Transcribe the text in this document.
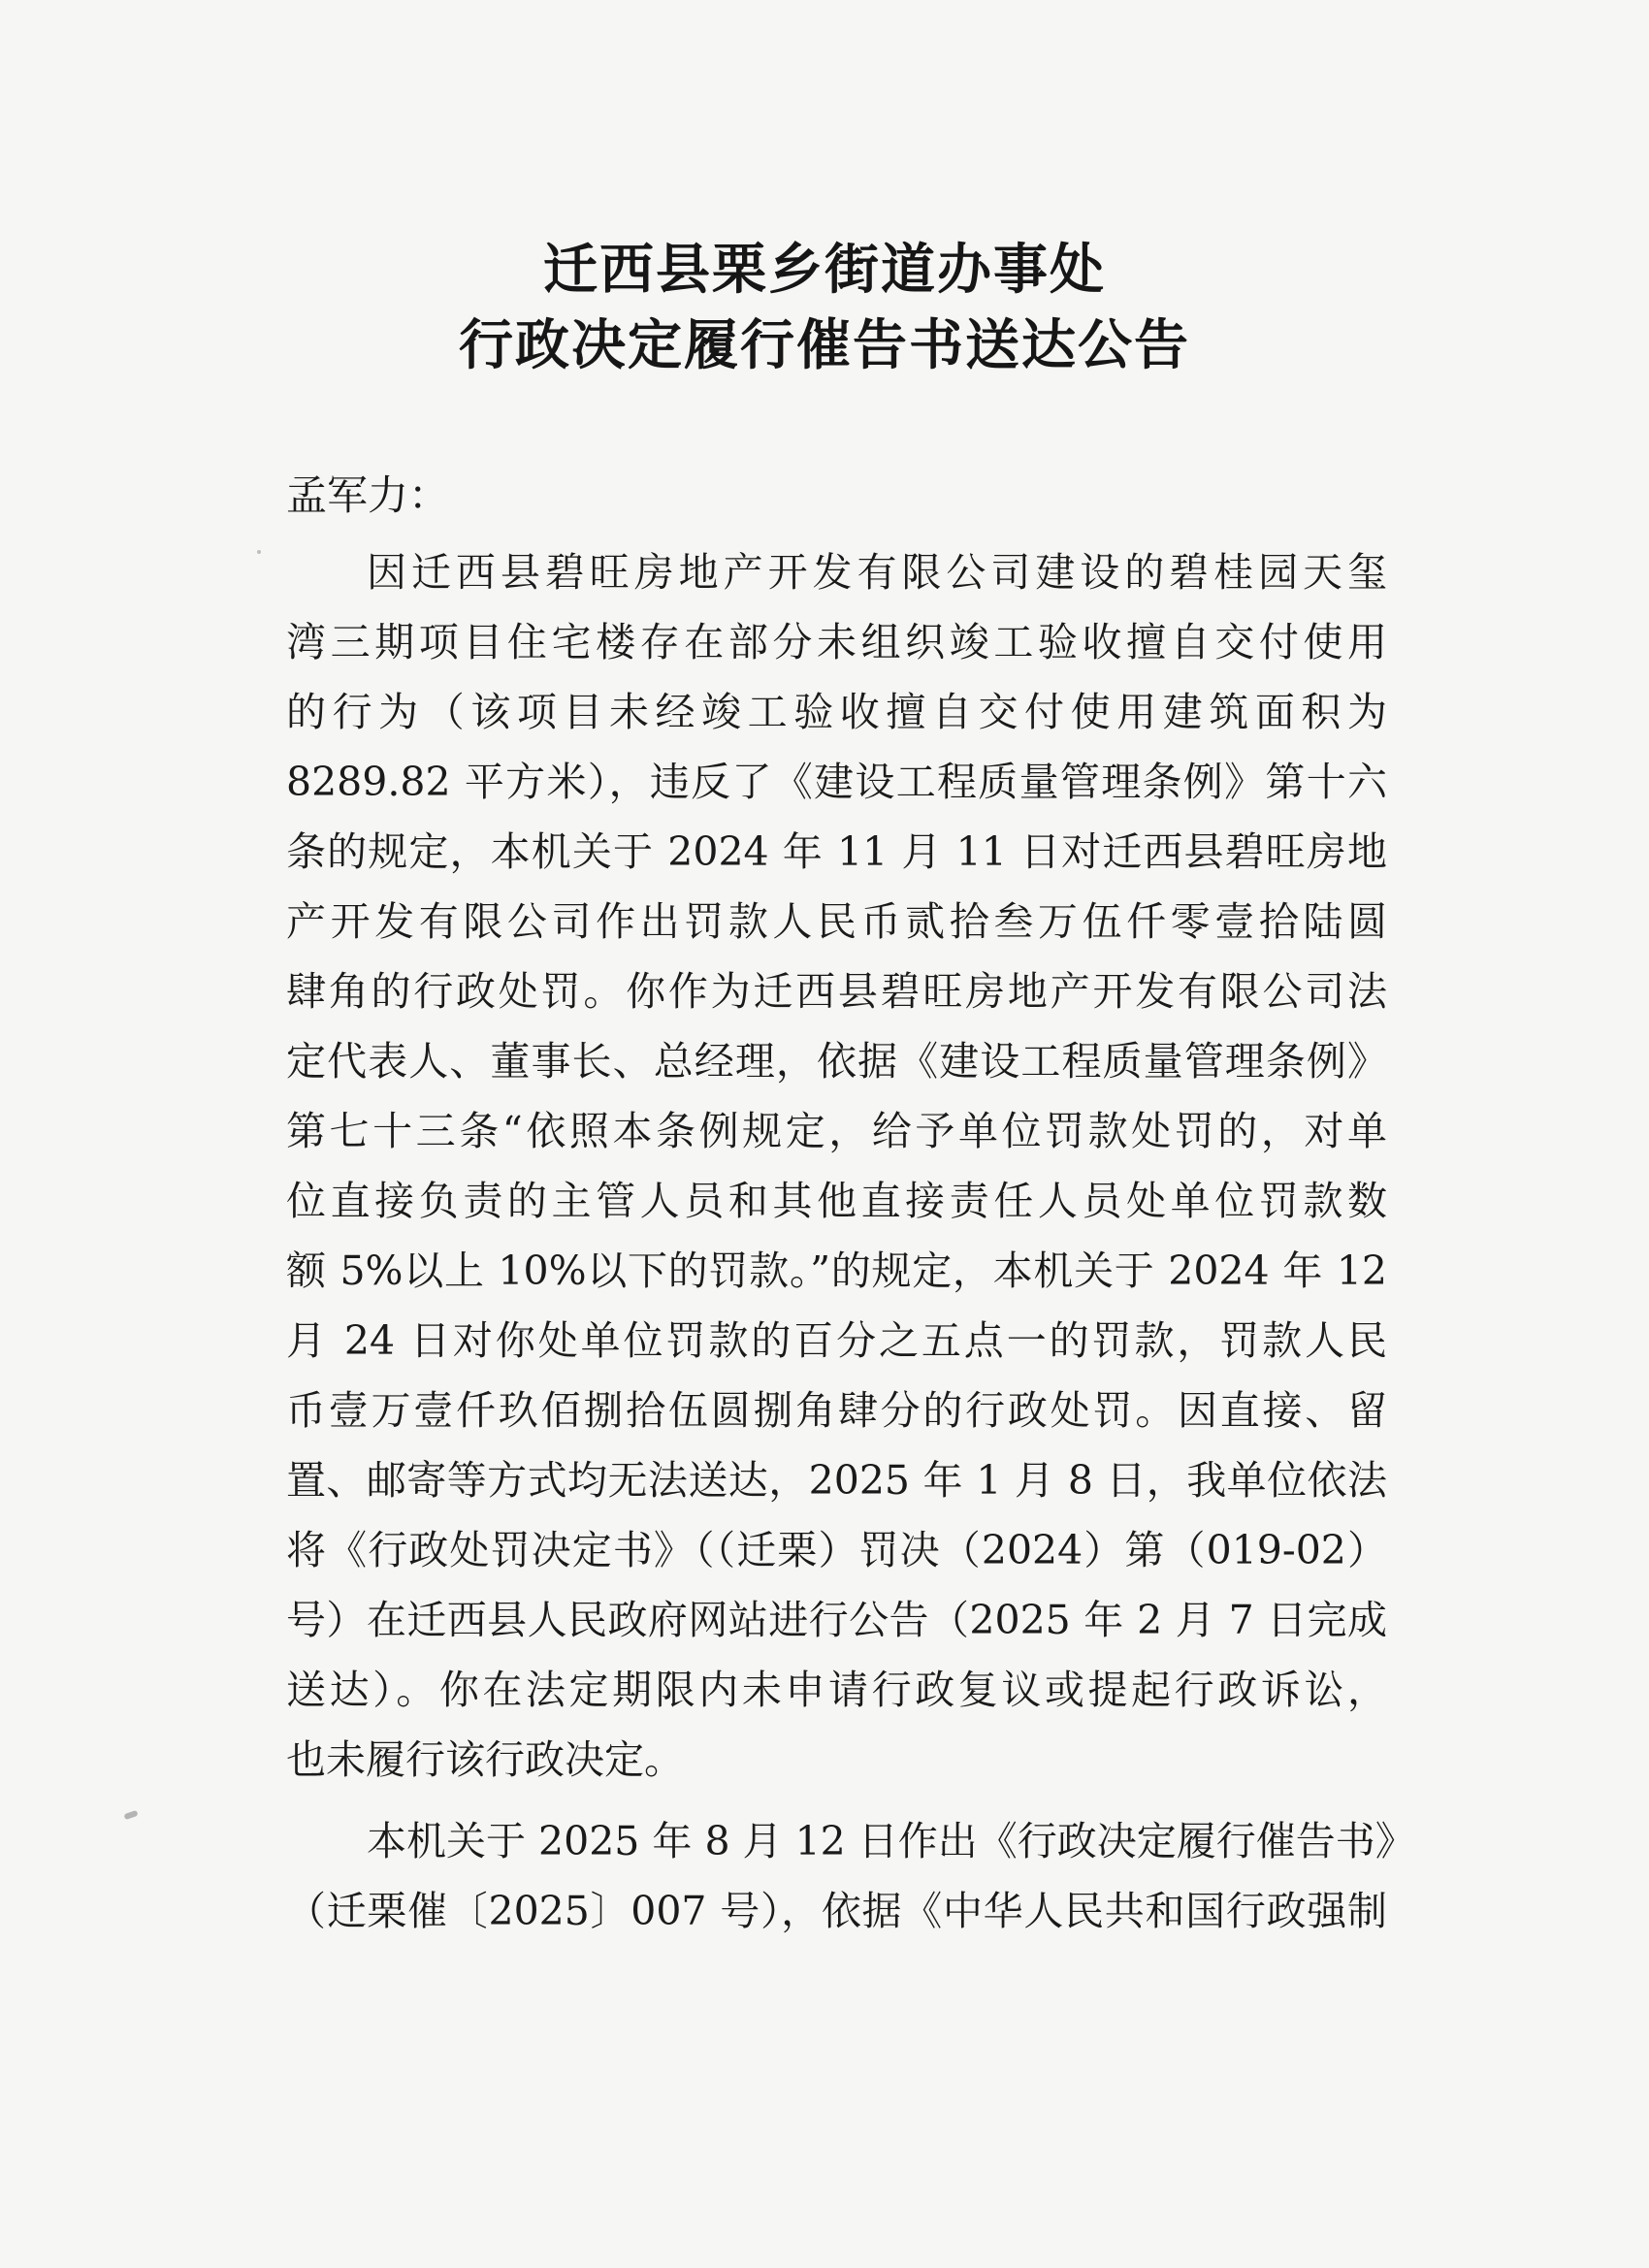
迁西县栗乡街道办事处
行政决定履行催告书送达公告
孟军力：
因迁西县碧旺房地产开发有限公司建设的碧桂园天玺
湾三期项目住宅楼存在部分未组织竣工验收擅自交付使用
的行为（该项目未经竣工验收擅自交付使用建筑面积为
8289.82 平方米），违反了《建设工程质量管理条例》第十六
条的规定，本机关于 2024 年 11 月 11 日对迁西县碧旺房地
产开发有限公司作出罚款人民币贰拾叁万伍仟零壹拾陆圆
肆角的行政处罚。你作为迁西县碧旺房地产开发有限公司法
定代表人、董事长、总经理，依据《建设工程质量管理条例》
第七十三条“依照本条例规定，给予单位罚款处罚的，对单
位直接负责的主管人员和其他直接责任人员处单位罚款数
额 5%以上 10%以下的罚款。”的规定，本机关于 2024 年 12
月 24 日对你处单位罚款的百分之五点一的罚款，罚款人民
币壹万壹仟玖佰捌拾伍圆捌角肆分的行政处罚。因直接、留
置、邮寄等方式均无法送达，2025 年 1 月 8 日，我单位依法
将《行政处罚决定书》（（迁栗）罚决（2024）第（019-02）
号）在迁西县人民政府网站进行公告（2025 年 2 月 7 日完成
送达）。你在法定期限内未申请行政复议或提起行政诉讼，
也未履行该行政决定。
本机关于 2025 年 8 月 12 日作出《行政决定履行催告书》
（迁栗催〔2025〕007 号），依据《中华人民共和国行政强制
